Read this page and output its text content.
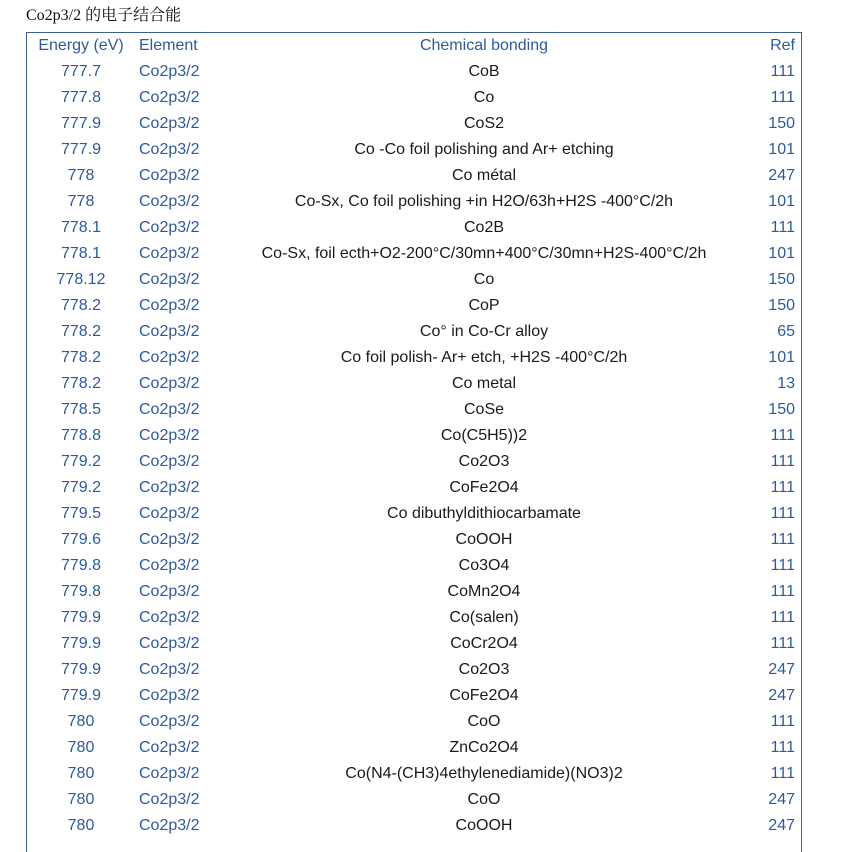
Co2p3/2 的电子结合能
Energy (eV)	Element	Chemical bonding	Ref
777.7	Co2p3/2	CoB	111
777.8	Co2p3/2	Co	111
777.9	Co2p3/2	CoS2	150
777.9	Co2p3/2	Co -Co foil polishing and Ar+ etching	101
778	Co2p3/2	Co métal	247
778	Co2p3/2	Co-Sx, Co foil polishing +in H2O/63h+H2S -400°C/2h	101
778.1	Co2p3/2	Co2B	111
778.1	Co2p3/2	Co-Sx, foil ecth+O2-200°C/30mn+400°C/30mn+H2S-400°C/2h	101
778.12	Co2p3/2	Co	150
778.2	Co2p3/2	CoP	150
778.2	Co2p3/2	Co° in Co-Cr alloy	65
778.2	Co2p3/2	Co foil polish- Ar+ etch, +H2S -400°C/2h	101
778.2	Co2p3/2	Co metal	13
778.5	Co2p3/2	CoSe	150
778.8	Co2p3/2	Co(C5H5))2	111
779.2	Co2p3/2	Co2O3	111
779.2	Co2p3/2	CoFe2O4	111
779.5	Co2p3/2	Co dibuthyldithiocarbamate	111
779.6	Co2p3/2	CoOOH	111
779.8	Co2p3/2	Co3O4	111
779.8	Co2p3/2	CoMn2O4	111
779.9	Co2p3/2	Co(salen)	111
779.9	Co2p3/2	CoCr2O4	111
779.9	Co2p3/2	Co2O3	247
779.9	Co2p3/2	CoFe2O4	247
780	Co2p3/2	CoO	111
780	Co2p3/2	ZnCo2O4	111
780	Co2p3/2	Co(N4-(CH3)4ethylenediamide)(NO3)2	111
780	Co2p3/2	CoO	247
780	Co2p3/2	CoOOH	247
